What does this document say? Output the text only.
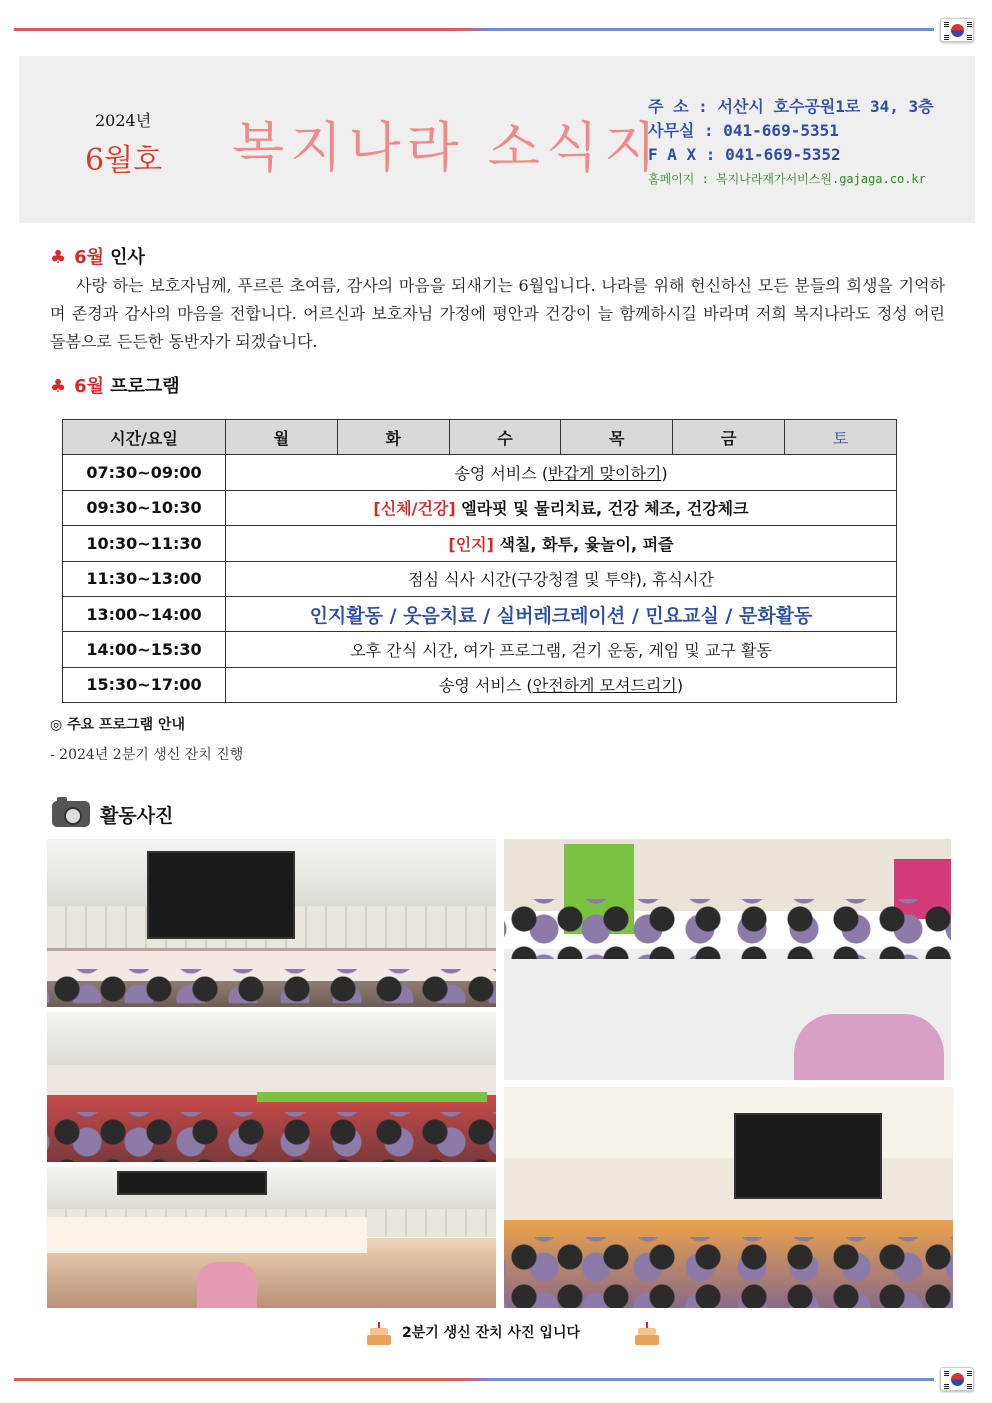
2024년
6월호 복지나라 소식지
주 소 : 서산시 호수공원1로 34, 3층
사무실 : 041-669-5351
F A X : 041-669-5352
홈페이지 : 복지나라재가서비스원.gajaga.co.kr
♣ 6월 인사

사랑 하는 보호자님께, 푸르른 초여름, 감사의 마음을 되새기는 6월입니다. 나라를 위해 헌신하신 모든 분들의 희생을 기억하며 존경과 감사의 마음을 전합니다. 어르신과 보호자님 가정에 평안과 건강이 늘 함께하시길 바라며 저희 복지나라도 정성 어린 돌봄으로 든든한 동반자가 되겠습니다.

♣ 6월 프로그램
시간/요일	월	화	수	목	금	토
07:30~09:00	송영 서비스 (반갑게 맞이하기)					
09:30~10:30	[신체/건강] 엘라핏 및 물리치료, 건강 체조, 건강체크					
10:30~11:30	[인지] 색칠, 화투, 윷놀이, 퍼즐					
11:30~13:00	점심 식사 시간(구강청결 및 투약), 휴식시간					
13:00~14:00	인지활동 / 웃음치료 / 실버레크레이션 / 민요교실 / 문화활동					
14:00~15:30	오후 간식 시간, 여가 프로그램, 걷기 운동, 게임 및 교구 활동					
15:30~17:00	송영 서비스 (안전하게 모셔드리기)					
◎ 주요 프로그램 안내
- 2024년 2분기 생신 잔치 진행
활동사진
2분기 생신 잔치 사진 입니다
